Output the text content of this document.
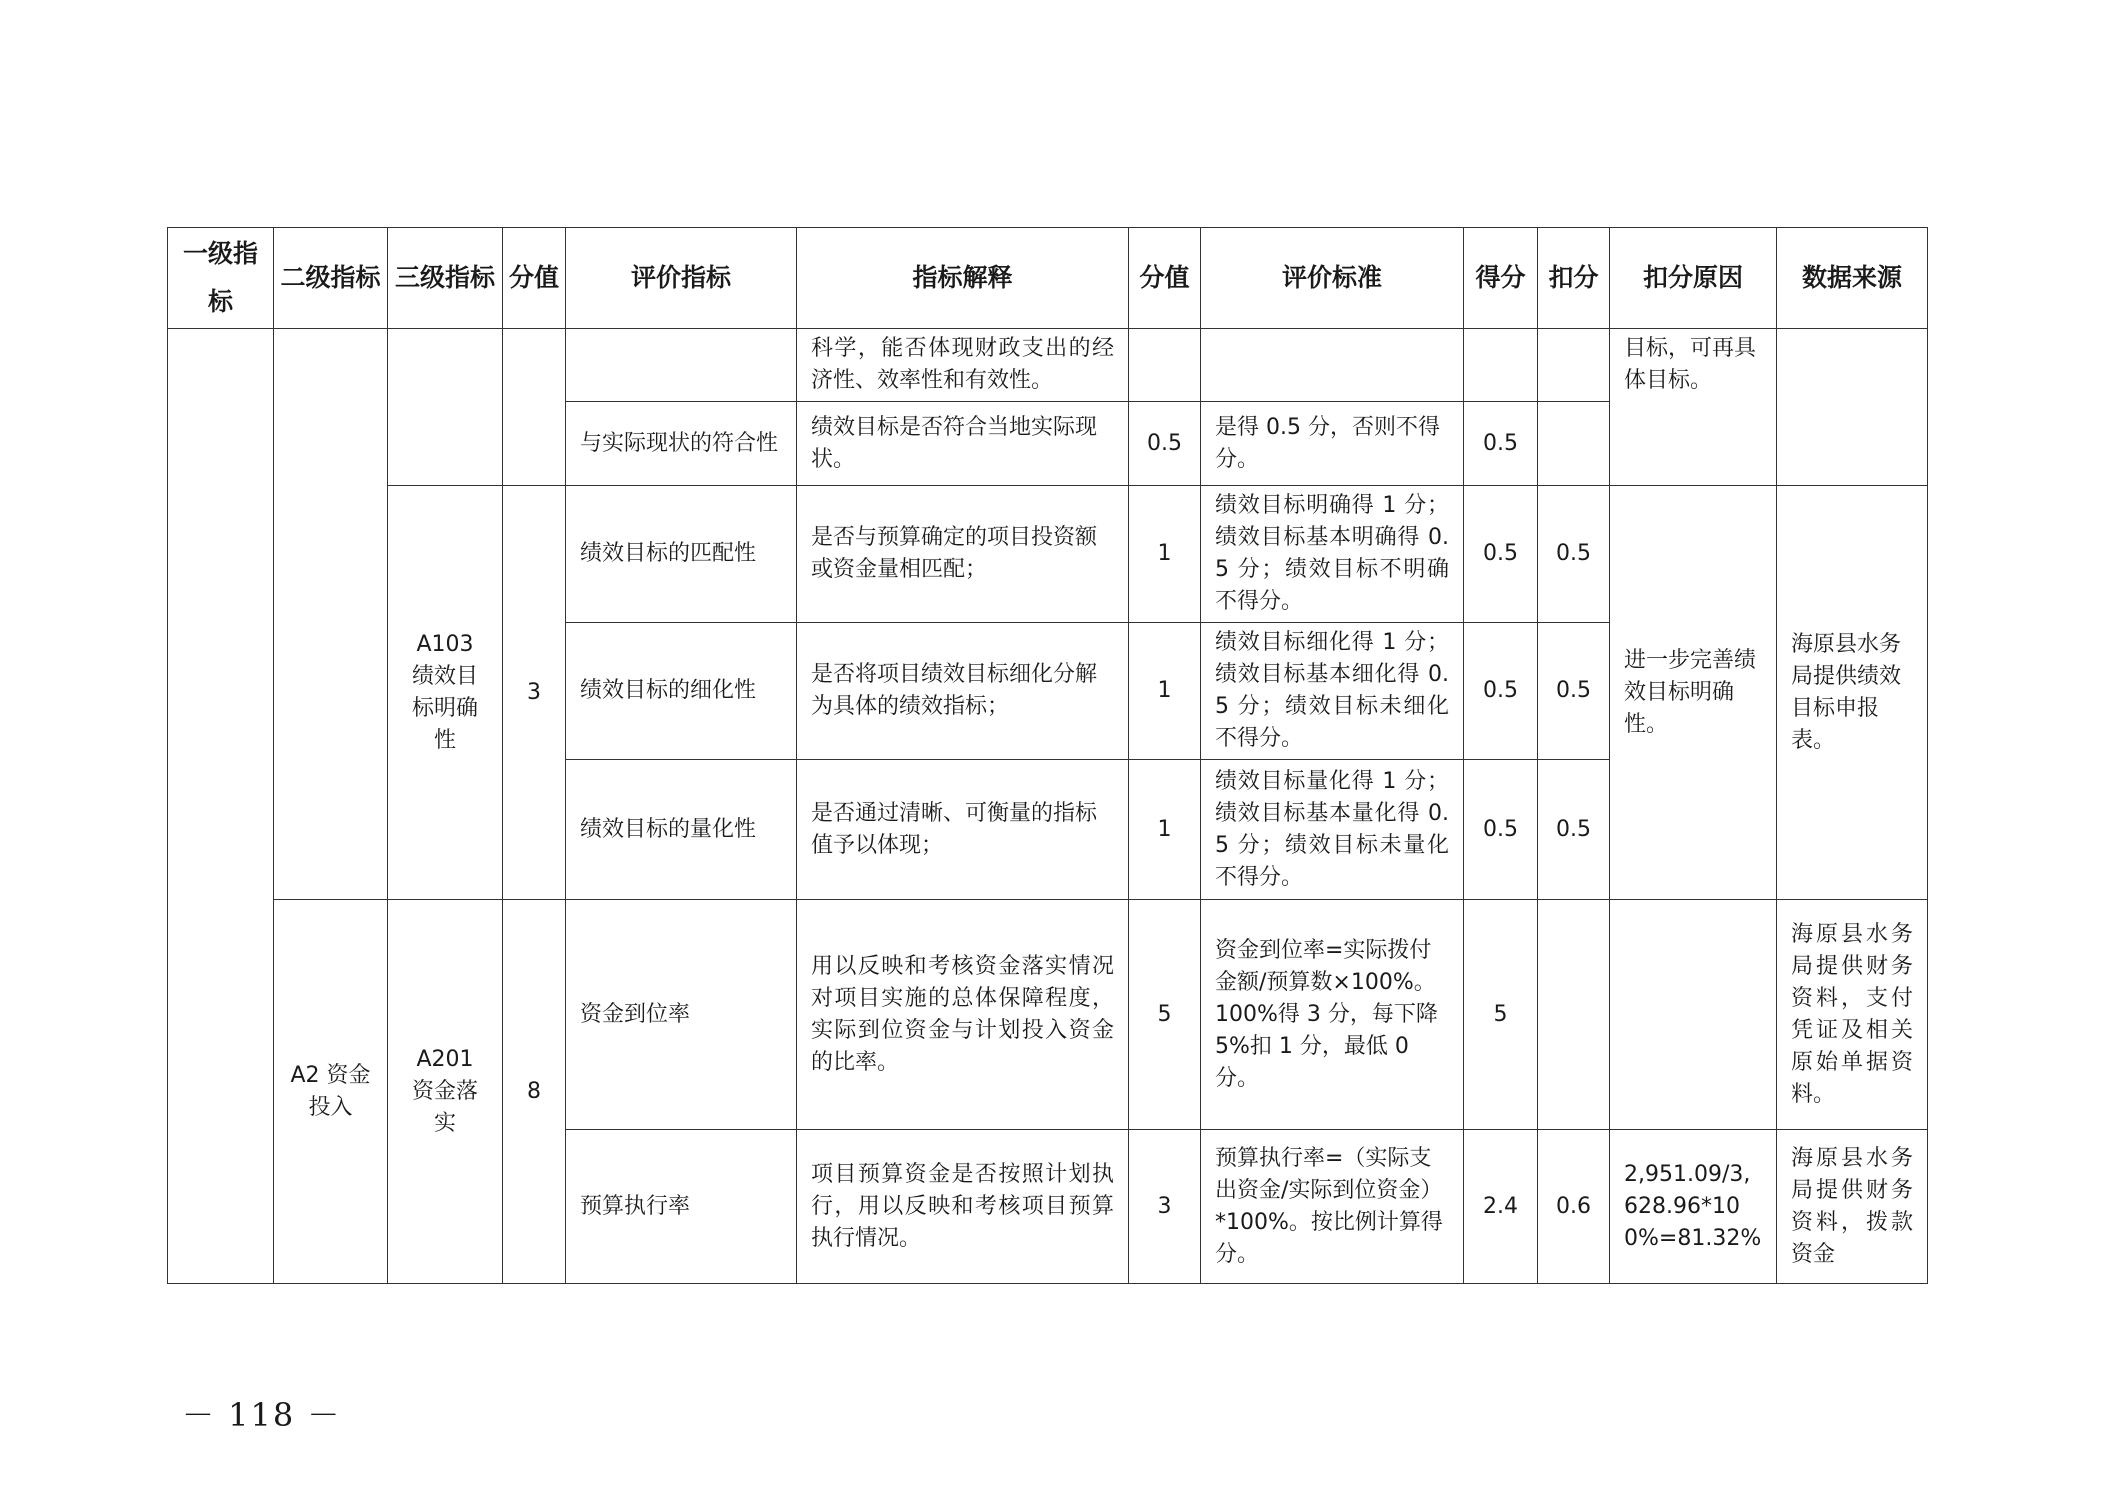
一级指标	二级指标	三级指标	分值	评价指标	指标解释	分值	评价标准	得分	扣分	扣分原因	数据来源
					科学，能否体现财政支出的经济性、效率性和有效性。					目标，可再具体目标。	
				与实际现状的符合性	绩效目标是否符合当地实际现状。	0.5	是得 0.5 分，否则不得分。	0.5			
		A103 绩效目标明确性	3	绩效目标的匹配性	是否与预算确定的项目投资额或资金量相匹配；	1	绩效目标明确得 1 分；绩效目标基本明确得 0.5 分；绩效目标不明确不得分。	0.5	0.5	进一步完善绩效目标明确性。	海原县水务局提供绩效目标申报表。
				绩效目标的细化性	是否将项目绩效目标细化分解为具体的绩效指标；	1	绩效目标细化得 1 分；绩效目标基本细化得 0.5 分；绩效目标未细化不得分。	0.5	0.5		
				绩效目标的量化性	是否通过清晰、可衡量的指标值予以体现；	1	绩效目标量化得 1 分；绩效目标基本量化得 0.5 分；绩效目标未量化不得分。	0.5	0.5		
	A2 资金投入	A201 资金落实	8	资金到位率	用以反映和考核资金落实情况对项目实施的总体保障程度，实际到位资金与计划投入资金的比率。	5	资金到位率=实际拨付金额/预算数×100%。100%得 3 分，每下降 5%扣 1 分，最低 0 分。	5			海原县水务局提供财务资料，支付凭证及相关原始单据资料。
				预算执行率	项目预算资金是否按照计划执行，用以反映和考核项目预算执行情况。	3	预算执行率=（实际支出资金/实际到位资金）*100%。按比例计算得分。	2.4	0.6	2,951.09/3,628.96*100%=81.32%	海原县水务局提供财务资料，拨款资金
－ 118 －
